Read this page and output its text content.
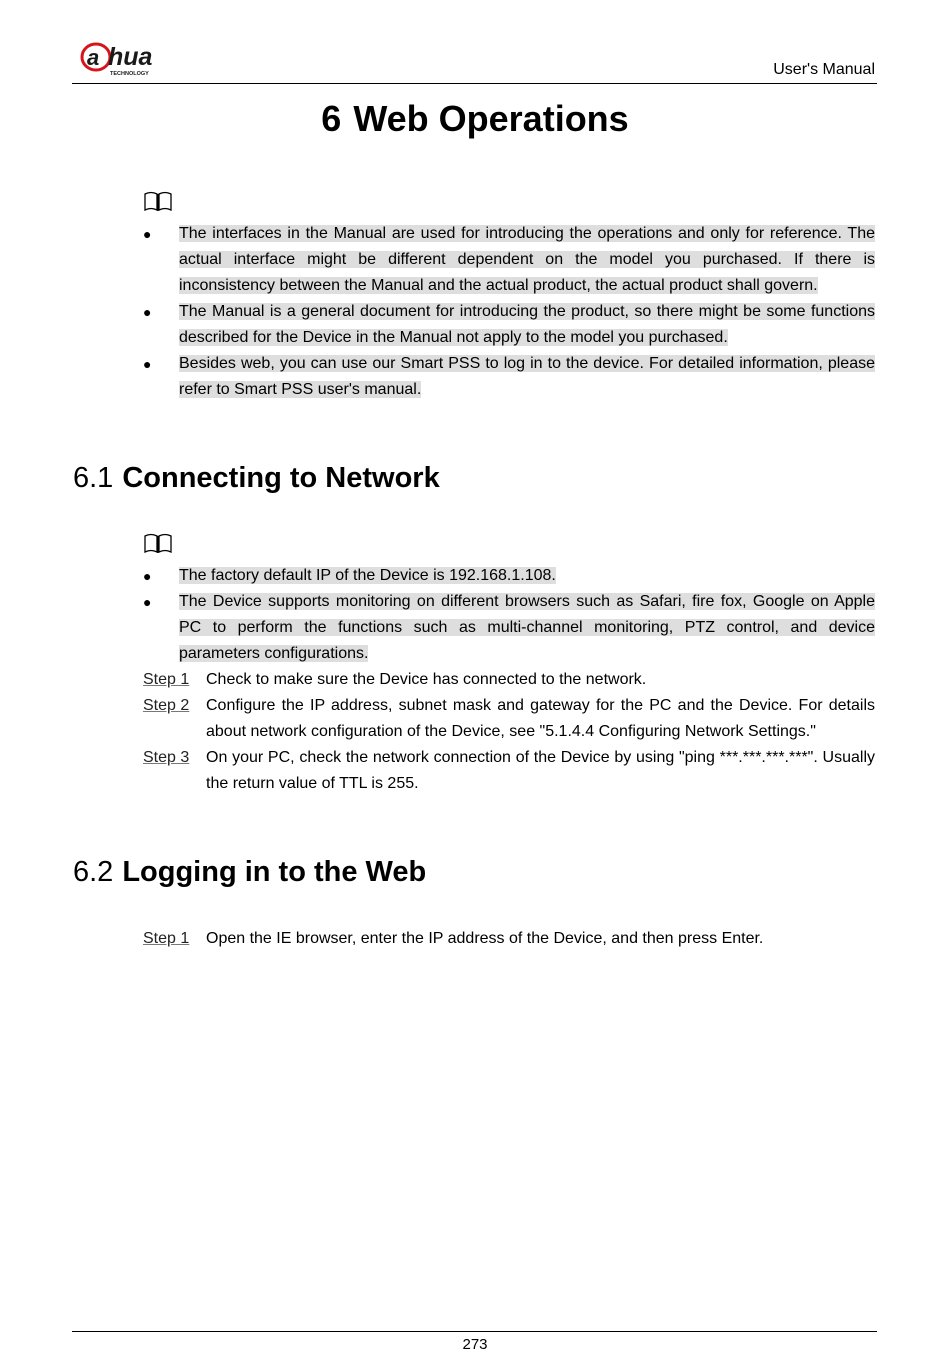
a hua
TECHNOLOGY	User's Manual
6 Web Operations
● The interfaces in the Manual are used for introducing the operations and only for reference. The actual interface might be different dependent on the model you purchased. If there is inconsistency between the Manual and the actual product, the actual product shall govern.
● The Manual is a general document for introducing the product, so there might be some functions described for the Device in the Manual not apply to the model you purchased.
● Besides web, you can use our Smart PSS to log in to the device. For detailed information, please refer to Smart PSS user's manual.
6.1 Connecting to Network
● The factory default IP of the Device is 192.168.1.108.
● The Device supports monitoring on different browsers such as Safari, fire fox, Google on Apple PC to perform the functions such as multi-channel monitoring, PTZ control, and device parameters configurations.
Step 1 Check to make sure the Device has connected to the network.
Step 2 Configure the IP address, subnet mask and gateway for the PC and the Device. For details about network configuration of the Device, see "5.1.4.4 Configuring Network Settings."
Step 3 On your PC, check the network connection of the Device by using "ping ***.***.***.***". Usually the return value of TTL is 255.
6.2 Logging in to the Web
Step 1 Open the IE browser, enter the IP address of the Device, and then press Enter.
273
